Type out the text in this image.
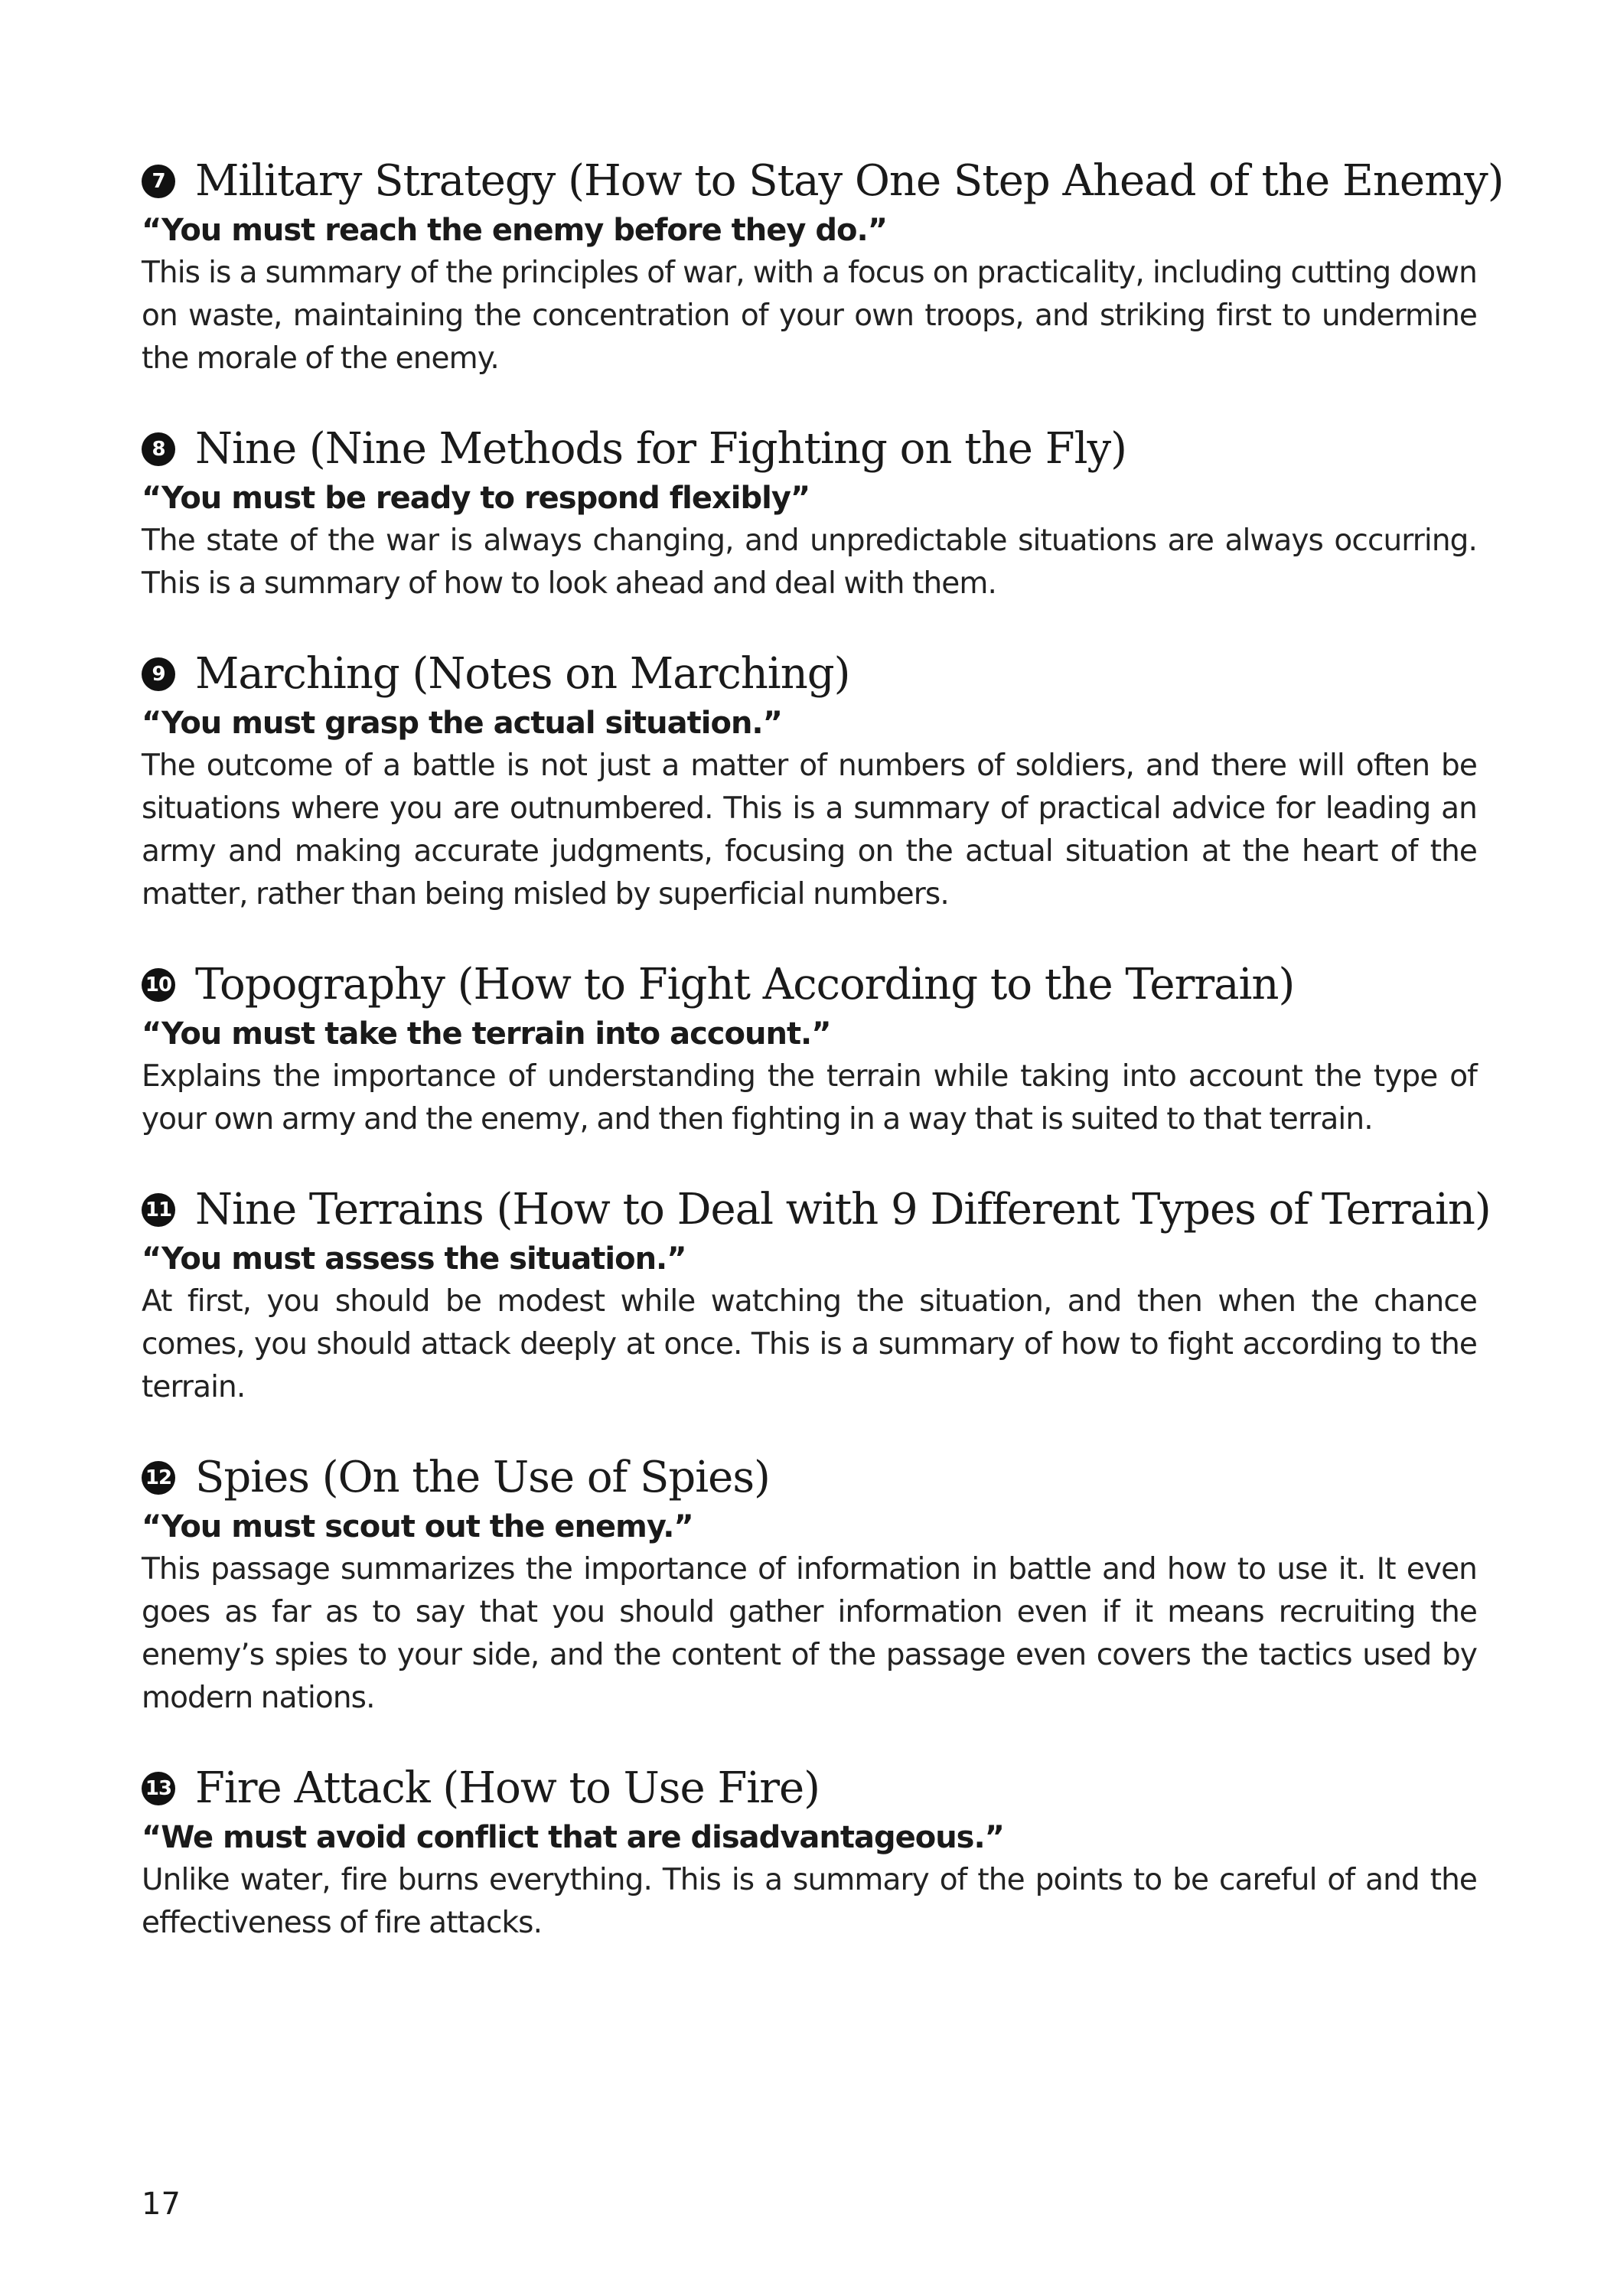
7 Military Strategy (How to Stay One Step Ahead of the Enemy)

“You must reach the enemy before they do.”

This is a summary of the principles of war, with a focus on practicality, including cutting down on waste, maintaining the concentration of your own troops, and striking first to undermine the morale of the enemy.

8 Nine (Nine Methods for Fighting on the Fly)

“You must be ready to respond flexibly”

The state of the war is always changing, and unpredictable situations are always occurring. This is a summary of how to look ahead and deal with them.

9 Marching (Notes on Marching)

“You must grasp the actual situation.”

The outcome of a battle is not just a matter of numbers of soldiers, and there will often be situations where you are outnumbered. This is a summary of practical advice for leading an army and making accurate judgments, focusing on the actual situation at the heart of the matter, rather than being misled by superficial numbers.

10 Topography (How to Fight According to the Terrain)

“You must take the terrain into account.”

Explains the importance of understanding the terrain while taking into account the type of your own army and the enemy, and then fighting in a way that is suited to that terrain.

11 Nine Terrains (How to Deal with 9 Different Types of Terrain)

“You must assess the situation.”

At first, you should be modest while watching the situation, and then when the chance comes, you should attack deeply at once. This is a summary of how to fight according to the terrain.

12 Spies (On the Use of Spies)

“You must scout out the enemy.”

This passage summarizes the importance of information in battle and how to use it. It even goes as far as to say that you should gather information even if it means recruiting the enemy’s spies to your side, and the content of the passage even covers the tactics used by modern nations.

13 Fire Attack (How to Use Fire)

“We must avoid conflict that are disadvantageous.”

Unlike water, fire burns everything. This is a summary of the points to be careful of and the effectiveness of fire attacks.

17
